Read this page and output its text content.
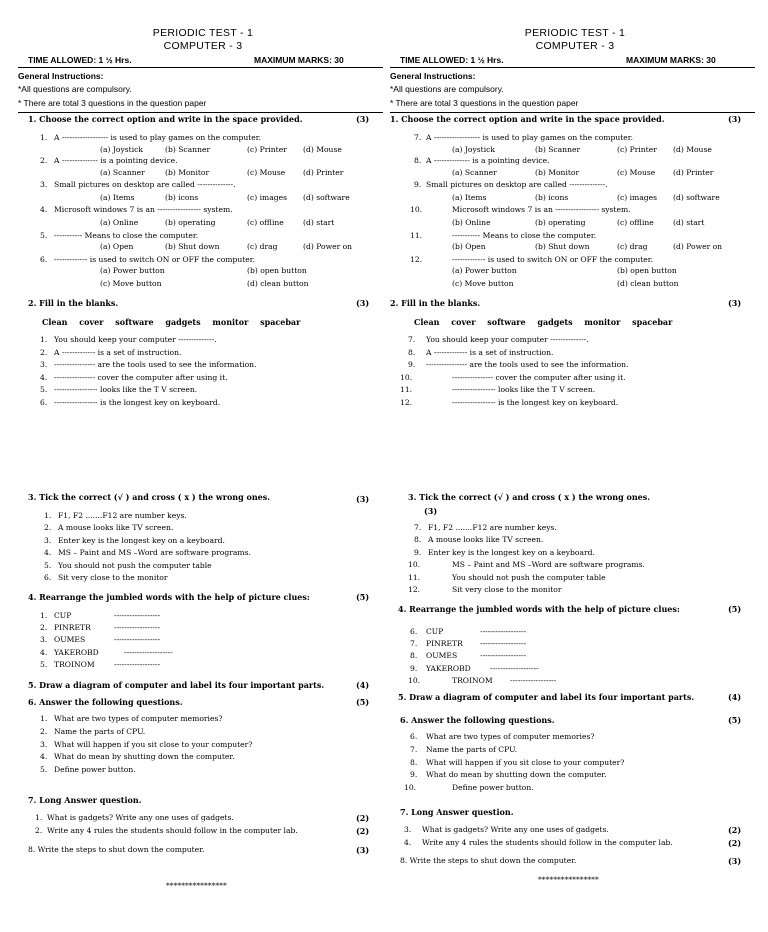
PERIODIC TEST - 1
COMPUTER - 3
TIME ALLOWED: 1 ½ Hrs.	MAXIMUM MARKS: 30
General Instructions:
*All questions are compulsory.
* There are total 3 questions in the question paper
1. Choose the correct option and write in the space provided.	(3)
1. A ------------------ is used to play games on the computer.
(a) Joystick	(b) Scanner	(c) Printer (d) Mouse
2. A -------------- is a pointing device.
(a) Scanner	(b) Monitor	(c) Mouse (d) Printer
3. Small pictures on desktop are called --------------.
(a) Items	(b) icons	(c) images (d) software
4. Microsoft windows 7 is an ----------------- system.
(a) Online	(b) operating	(c) offline	(d) start
5. ----------- Means to close the computer.
(a) Open	(b) Shut down	(c) drag	(d) Power on
6. ------------- is used to switch ON or OFF the computer.
(a) Power button	(b) open button
(c) Move button	(d) clean button
2. Fill in the blanks.	(3)
Clean cover software gadgets monitor spacebar
1. You should keep your computer --------------.
2. A ------------- is a set of instruction.
3. ---------------- are the tools used to see the information.
4. ---------------- cover the computer after using it.
5. ----------------- looks like the T V screen.
6. ----------------- is the longest key on keyboard.
3. Tick the correct (√ ) and cross ( x ) the wrong ones.	(3)
1. F1, F2 .......F12 are number keys.
2. A mouse looks like TV screen.
3. Enter key is the longest key on a keyboard.
4. MS – Paint and MS –Word are software programs.
5. You should not push the computer table
6. Sit very close to the monitor
4. Rearrange the jumbled words with the help of picture clues:	(5)
1. CUP	------------------
2. PINRETR	------------------
3. OUMES	------------------
4. YAKEROBD	-------------------
5. TROINOM	------------------
5. Draw a diagram of computer and label its four important parts.	(4)
6. Answer the following questions.	(5)
1. What are two types of computer memories?
2. Name the parts of CPU.
3. What will happen if you sit close to your computer?
4. What do mean by shutting down the computer.
5. Define power button.
7. Long Answer question.
1. What is gadgets? Write any one uses of gadgets.	(2)
2. Write any 4 rules the students should follow in the computer lab.	(2)
8. Write the steps to shut down the computer.	(3)
****************
PERIODIC TEST - 1
COMPUTER - 3
TIME ALLOWED: 1 ½ Hrs.	MAXIMUM MARKS: 30
General Instructions:
*All questions are compulsory.
* There are total 3 questions in the question paper
1. Choose the correct option and write in the space provided.	(3)
7. A ------------------ is used to play games on the computer.
(a) Joystick	(b) Scanner	(c) Printer (d) Mouse
8. A -------------- is a pointing device.
(a) Scanner	(b) Monitor	(c) Mouse (d) Printer
9. Small pictures on desktop are called --------------.
(a) Items	(b) icons	(c) images (d) software
10.	Microsoft windows 7 is an ----------------- system.
(b) Online	(b) operating	(c) offline	(d) start
11.	----------- Means to close the computer.
(b) Open	(b) Shut down	(c) drag	(d) Power on
12.	------------- is used to switch ON or OFF the computer.
(a) Power button	(b) open button
(c) Move button	(d) clean button
2. Fill in the blanks.	(3)
Clean cover software gadgets monitor spacebar
7. You should keep your computer --------------.
8. A ------------- is a set of instruction.
9. ---------------- are the tools used to see the information.
10.	---------------- cover the computer after using it.
11.	----------------- looks like the T V screen.
12.	----------------- is the longest key on keyboard.
3. Tick the correct (√ ) and cross ( x ) the wrong ones.
(3)
7. F1, F2 .......F12 are number keys.
8. A mouse looks like TV screen.
9. Enter key is the longest key on a keyboard.
10.	MS – Paint and MS –Word are software programs.
11.	You should not push the computer table
12.	Sit very close to the monitor
4. Rearrange the jumbled words with the help of picture clues:	(5)
6. CUP	------------------
7. PINRETR ------------------
8. OUMES	------------------
9. YAKEROBD	-------------------
10.	TROINOM ------------------
5. Draw a diagram of computer and label its four important parts.	(4)
6. Answer the following questions.	(5)
6. What are two types of computer memories?
7. Name the parts of CPU.
8. What will happen if you sit close to your computer?
9. What do mean by shutting down the computer.
10.	Define power button.
7. Long Answer question.
3. What is gadgets? Write any one uses of gadgets.	(2)
4. Write any 4 rules the students should follow in the computer lab.	(2)
8. Write the steps to shut down the computer.	(3)
****************
